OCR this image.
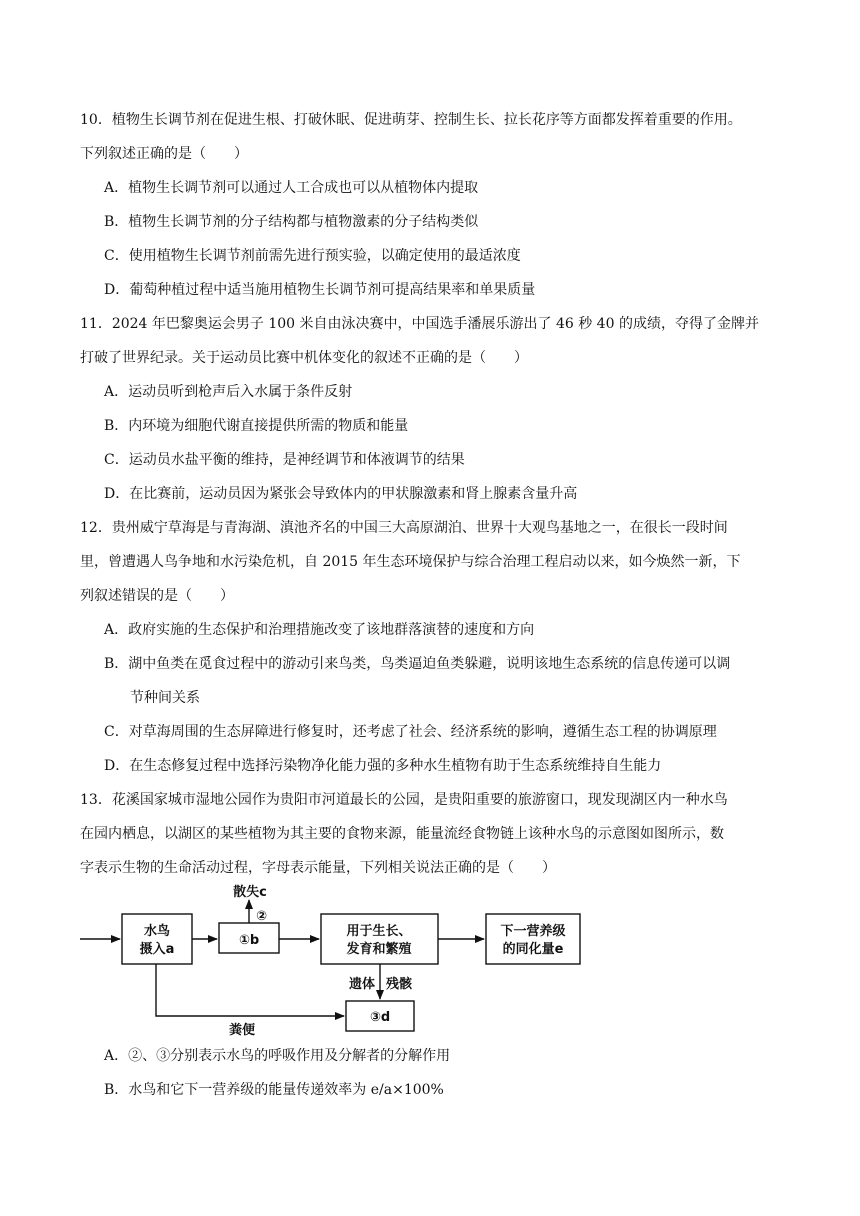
10．植物生长调节剂在促进生根、打破休眠、促进萌芽、控制生长、拉长花序等方面都发挥着重要的作用。
下列叙述正确的是（　　）
A．植物生长调节剂可以通过人工合成也可以从植物体内提取
B．植物生长调节剂的分子结构都与植物激素的分子结构类似
C．使用植物生长调节剂前需先进行预实验，以确定使用的最适浓度
D．葡萄种植过程中适当施用植物生长调节剂可提高结果率和单果质量
11．2024 年巴黎奥运会男子 100 米自由泳决赛中，中国选手潘展乐游出了 46 秒 40 的成绩，夺得了金牌并
打破了世界纪录。关于运动员比赛中机体变化的叙述不正确的是（　　）
A．运动员听到枪声后入水属于条件反射
B．内环境为细胞代谢直接提供所需的物质和能量
C．运动员水盐平衡的维持，是神经调节和体液调节的结果
D．在比赛前，运动员因为紧张会导致体内的甲状腺激素和肾上腺素含量升高
12．贵州威宁草海是与青海湖、滇池齐名的中国三大高原湖泊、世界十大观鸟基地之一，在很长一段时间
里，曾遭遇人鸟争地和水污染危机，自 2015 年生态环境保护与综合治理工程启动以来，如今焕然一新，下
列叙述错误的是（　　）
A．政府实施的生态保护和治理措施改变了该地群落演替的速度和方向
B．湖中鱼类在觅食过程中的游动引来鸟类，鸟类逼迫鱼类躲避，说明该地生态系统的信息传递可以调
节种间关系
C．对草海周围的生态屏障进行修复时，还考虑了社会、经济系统的影响，遵循生态工程的协调原理
D．在生态修复过程中选择污染物净化能力强的多种水生植物有助于生态系统维持自生能力
13．花溪国家城市湿地公园作为贵阳市河道最长的公园，是贵阳重要的旅游窗口，现发现湖区内一种水鸟
在园内栖息，以湖区的某些植物为其主要的食物来源，能量流经食物链上该种水鸟的示意图如图所示，数
字表示生物的生命活动过程，字母表示能量，下列相关说法正确的是（　　）
水鸟
摄入a
①b
用于生长、
发育和繁殖
下一营养级
的同化量e
③d
散失c
②
遗体 残骸
粪便
A．②、③分别表示水鸟的呼吸作用及分解者的分解作用
B．水鸟和它下一营养级的能量传递效率为 e/a×100%
